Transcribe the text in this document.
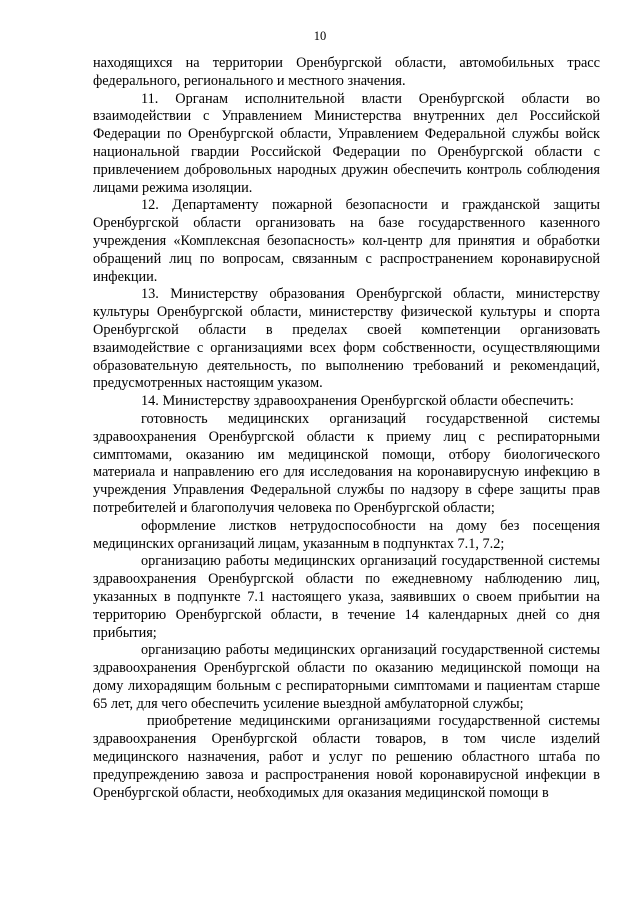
10

находящихся на территории Оренбургской области, автомобильных трасс федерального, регионального и местного значения.

11. Органам исполнительной власти Оренбургской области во взаимодействии с Управлением Министерства внутренних дел Российской Федерации по Оренбургской области, Управлением Федеральной службы войск национальной гвардии Российской Федерации по Оренбургской области с привлечением добровольных народных дружин обеспечить контроль соблюдения лицами режима изоляции.

12. Департаменту пожарной безопасности и гражданской защиты Оренбургской области организовать на базе государственного казенного учреждения «Комплексная безопасность» кол-центр для принятия и обработки обращений лиц по вопросам, связанным с распространением коронавирусной инфекции.

13. Министерству образования Оренбургской области, министерству культуры Оренбургской области, министерству физической культуры и спорта Оренбургской области в пределах своей компетенции организовать взаимодействие с организациями всех форм собственности, осуществляющими образовательную деятельность, по выполнению требований и рекомендаций, предусмотренных настоящим указом.

14. Министерству здравоохранения Оренбургской области обеспечить:

готовность медицинских организаций государственной системы здравоохранения Оренбургской области к приему лиц с респираторными симптомами, оказанию им медицинской помощи, отбору биологического материала и направлению его для исследования на коронавирусную инфекцию в учреждения Управления Федеральной службы по надзору в сфере защиты прав потребителей и благополучия человека по Оренбургской области;

оформление листков нетрудоспособности на дому без посещения медицинских организаций лицам, указанным в подпунктах 7.1, 7.2;

организацию работы медицинских организаций государственной системы здравоохранения Оренбургской области по ежедневному наблюдению лиц, указанных в подпункте 7.1 настоящего указа, заявивших о своем прибытии на территорию Оренбургской области, в течение 14 календарных дней со дня прибытия;

организацию работы медицинских организаций государственной системы здравоохранения Оренбургской области по оказанию медицинской помощи на дому лихорадящим больным с респираторными симптомами и пациентам старше 65 лет, для чего обеспечить усиление выездной амбулаторной службы;

приобретение медицинскими организациями государственной системы здравоохранения Оренбургской области товаров, в том числе изделий медицинского назначения, работ и услуг по решению областного штаба по предупреждению завоза и распространения новой коронавирусной инфекции в Оренбургской области, необходимых для оказания медицинской помощи в
